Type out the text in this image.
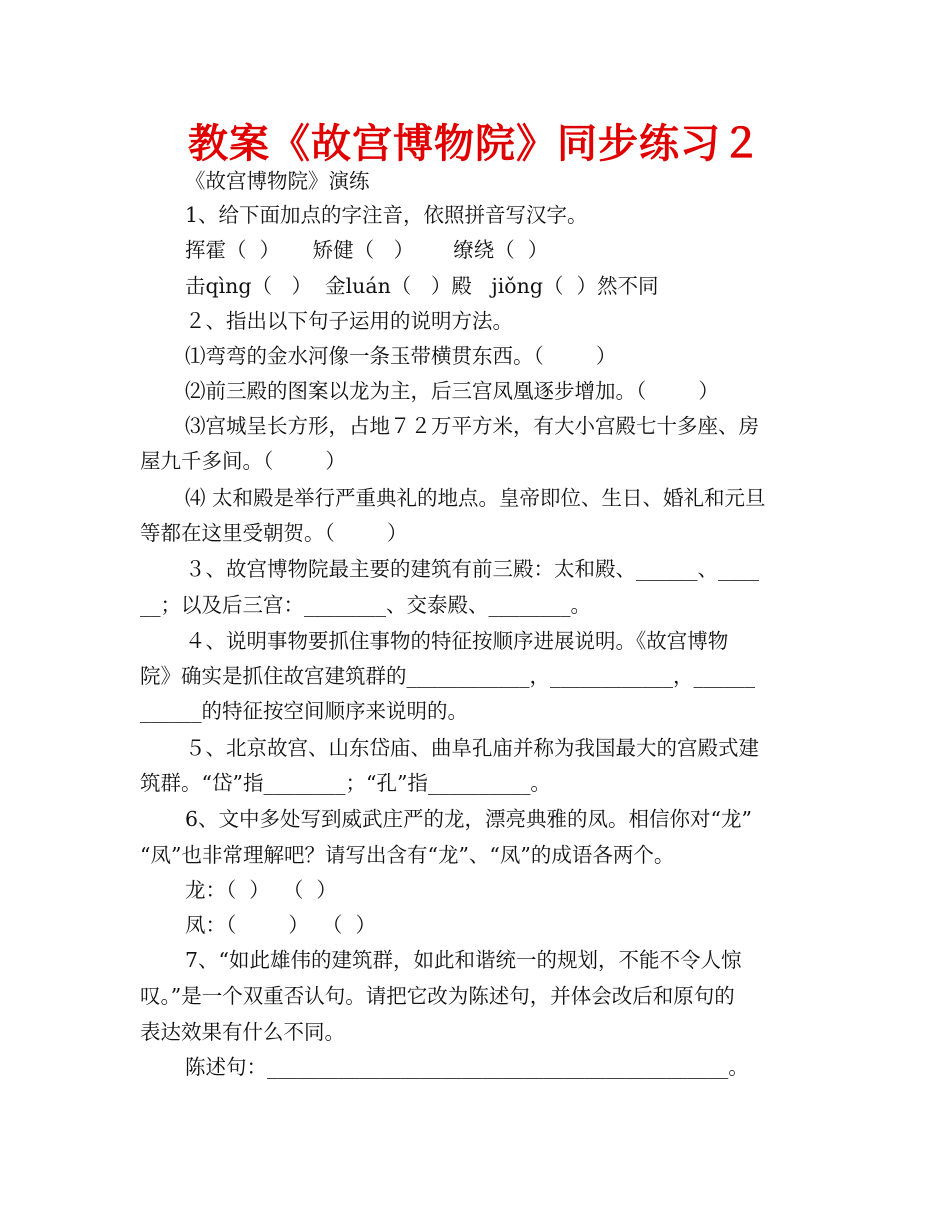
教案《故宫博物院》同步练习２
《故宫博物院》演练
1、给下面加点的字注音，依照拼音写汉字。
挥霍（  ）     矫健（   ）      缭绕（  ）
击qìng（   ）  金luán（   ）殿   jiǒng（  ）然不同
２、指出以下句子运用的说明方法。
⑴弯弯的金水河像一条玉带横贯东西。（        ）
⑵前三殿的图案以龙为主，后三宫凤凰逐步增加。（        ）
⑶宫城呈长方形，占地７２万平方米，有大小宫殿七十多座、房
屋九千多间。（        ）
⑷ 太和殿是举行严重典礼的地点。皇帝即位、生日、婚礼和元旦
等都在这里受朝贺。（        ）
３、故宫博物院最主要的建筑有前三殿：太和殿、______、____
__；以及后三宫：________、交泰殿、________。
４、说明事物要抓住事物的特征按顺序进展说明。《故宫博物
院》确实是抓住故宫建筑群的____________，____________，______
______的特征按空间顺序来说明的。
５、北京故宫、山东岱庙、曲阜孔庙并称为我国最大的宫殿式建
筑群。“岱”指________；“孔”指__________。
6、文中多处写到威武庄严的龙，漂亮典雅的凤。相信你对“龙”
“凤”也非常理解吧？请写出含有“龙”、“凤”的成语各两个。
龙：（  ）  （  ）
凤：（        ）  （  ）
7、“如此雄伟的建筑群，如此和谐统一的规划，不能不令人惊
叹。”是一个双重否认句。请把它改为陈述句，并体会改后和原句的
表达效果有什么不同。
陈述句：_____________________________________________。
